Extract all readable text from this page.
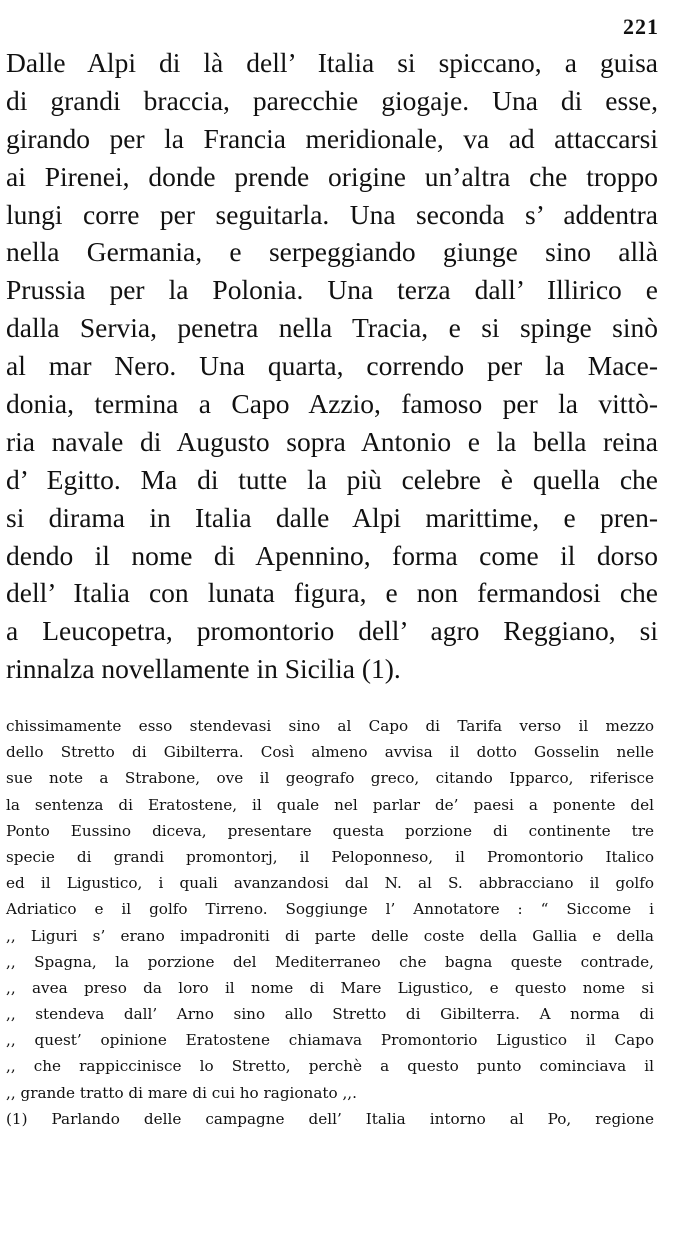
221
Dalle Alpi di là dell’ Italia si spiccano, a guisa
di grandi braccia, parecchie giogaje. Una di esse,
girando per la Francia meridionale, va ad attaccarsi
ai Pirenei, donde prende origine un’altra che troppo
lungi corre per seguitarla. Una seconda s’ addentra
nella Germania, e serpeggiando giunge sino allà
Prussia per la Polonia. Una terza dall’ Illirico e
dalla Servia, penetra nella Tracia, e si spinge sinò
al mar Nero. Una quarta, correndo per la Mace-
donia, termina a Capo Azzio, famoso per la vittò-
ria navale di Augusto sopra Antonio e la bella reina
d’ Egitto. Ma di tutte la più celebre è quella che
si dirama in Italia dalle Alpi marittime, e pren-
dendo il nome di Apennino, forma come il dorso
dell’ Italia con lunata figura, e non fermandosi che
a Leucopetra, promontorio dell’ agro Reggiano, si
rinnalza novellamente in Sicilia (1).
chissimamente esso stendevasi sino al Capo di Tarifa verso il mezzo
dello Stretto di Gibilterra. Così almeno avvisa il dotto Gosselin nelle
sue note a Strabone, ove il geografo greco, citando Ipparco, riferisce
la sentenza di Eratostene, il quale nel parlar de’ paesi a ponente del
Ponto Eussino diceva, presentare questa porzione di continente tre
specie di grandi promontorj, il Peloponneso, il Promontorio Italico
ed il Ligustico, i quali avanzandosi dal N. al S. abbracciano il golfo
Adriatico e il golfo Tirreno. Soggiunge l’ Annotatore : “ Siccome i
,, Liguri s’ erano impadroniti di parte delle coste della Gallia e della
,, Spagna, la porzione del Mediterraneo che bagna queste contrade,
,, avea preso da loro il nome di Mare Ligustico, e questo nome si
,, stendeva dall’ Arno sino allo Stretto di Gibilterra. A norma di
,, quest’ opinione Eratostene chiamava Promontorio Ligustico il Capo
,, che rappiccinisce lo Stretto, perchè a questo punto cominciava il
,, grande tratto di mare di cui ho ragionato ,,.
(1) Parlando delle campagne dell’ Italia intorno al Po, regione
